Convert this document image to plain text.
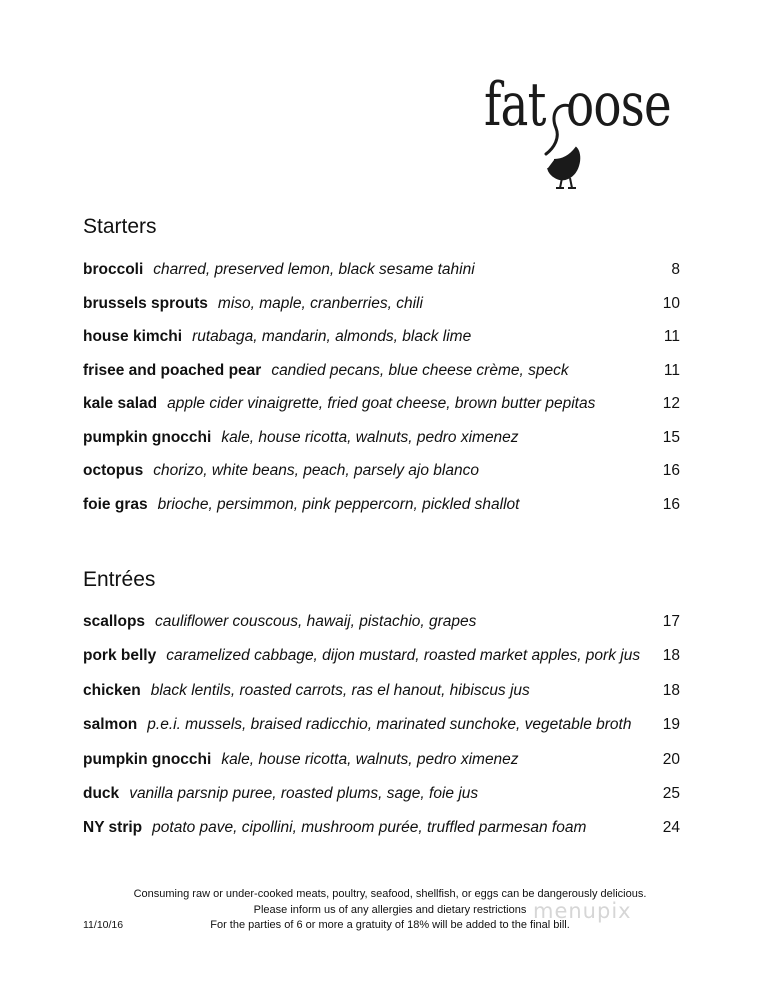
fat oose
Starters
broccoli charred, preserved lemon, black sesame tahini	8
brussels sprouts miso, maple, cranberries, chili	10
house kimchi rutabaga, mandarin, almonds, black lime	11
frisee and poached pear candied pecans, blue cheese crème, speck	11
kale salad apple cider vinaigrette, fried goat cheese, brown butter pepitas	12
pumpkin gnocchi kale, house ricotta, walnuts, pedro ximenez	15
octopus chorizo, white beans, peach, parsely ajo blanco	16
foie gras brioche, persimmon, pink peppercorn, pickled shallot	16
Entrées
scallops cauliflower couscous, hawaij, pistachio, grapes	17
pork belly caramelized cabbage, dijon mustard, roasted market apples, pork jus 18
chicken black lentils, roasted carrots, ras el hanout, hibiscus jus	18
salmon p.e.i. mussels, braised radicchio, marinated sunchoke, vegetable broth 19
pumpkin gnocchi kale, house ricotta, walnuts, pedro ximenez	20
duck vanilla parsnip puree, roasted plums, sage, foie jus	25
NY strip potato pave, cipollini, mushroom purée, truffled parmesan foam	24
Consuming raw or under-cooked meats, poultry, seafood, shellfish, or eggs can be dangerously delicious.
Please inform us of any allergies and dietary restrictions
For the parties of 6 or more a gratuity of 18% will be added to the final bill.
11/10/16
menupix
